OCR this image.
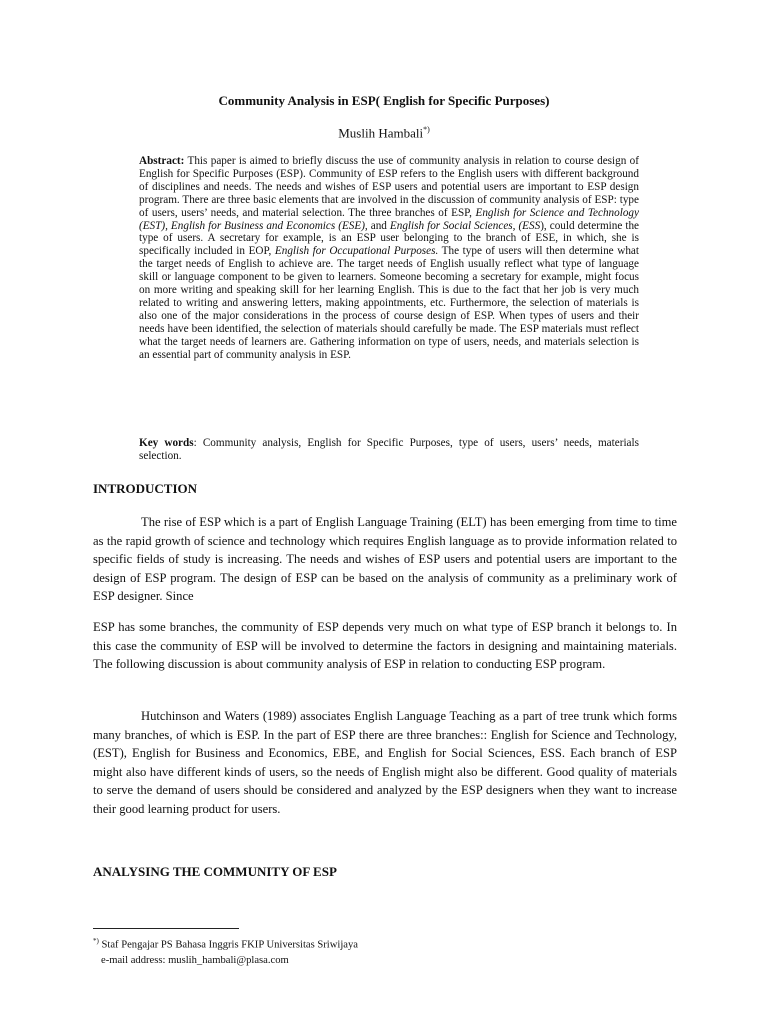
Community Analysis in ESP( English for Specific Purposes)
Muslih Hambali*)
Abstract: This paper is aimed to briefly discuss the use of community analysis in relation to course design of English for Specific Purposes (ESP). Community of ESP refers to the English users with different background of disciplines and needs. The needs and wishes of ESP users and potential users are important to ESP design program. There are three basic elements that are involved in the discussion of community analysis of ESP: type of users, users’ needs, and material selection. The three branches of ESP, English for Science and Technology (EST), English for Business and Economics (ESE), and English for Social Sciences, (ESS), could determine the type of users. A secretary for example, is an ESP user belonging to the branch of ESE, in which, she is specifically included in EOP, English for Occupational Purposes. The type of users will then determine what the target needs of English to achieve are. The target needs of English usually reflect what type of language skill or language component to be given to learners. Someone becoming a secretary for example, might focus on more writing and speaking skill for her learning English. This is due to the fact that her job is very much related to writing and answering letters, making appointments, etc. Furthermore, the selection of materials is also one of the major considerations in the process of course design of ESP. When types of users and their needs have been identified, the selection of materials should carefully be made. The ESP materials must reflect what the target needs of learners are. Gathering information on type of users, needs, and materials selection is an essential part of community analysis in ESP.
Key words: Community analysis, English for Specific Purposes, type of users, users’ needs, materials selection.
INTRODUCTION
The rise of ESP which is a part of English Language Training (ELT) has been emerging from time to time as the rapid growth of science and technology which requires English language as to provide information related to specific fields of study is increasing. The needs and wishes of ESP users and potential users are important to the design of ESP program. The design of ESP can be based on the analysis of community as a preliminary work of ESP designer. Since
ESP has some branches, the community of ESP depends very much on what type of ESP branch it belongs to. In this case the community of ESP will be involved to determine the factors in designing and maintaining materials. The following discussion is about community analysis of ESP in relation to conducting ESP program.
Hutchinson and Waters (1989) associates English Language Teaching as a part of tree trunk which forms many branches, of which is ESP. In the part of ESP there are three branches:: English for Science and Technology, (EST), English for Business and Economics, EBE, and English for Social Sciences, ESS. Each branch of ESP might also have different kinds of users, so the needs of English might also be different. Good quality of materials to serve the demand of users should be considered and analyzed by the ESP designers when they want to increase their good learning product for users.
ANALYSING THE COMMUNITY OF ESP
*) Staf Pengajar PS Bahasa Inggris FKIP Universitas Sriwijaya
e-mail address: muslih_hambali@plasa.com
